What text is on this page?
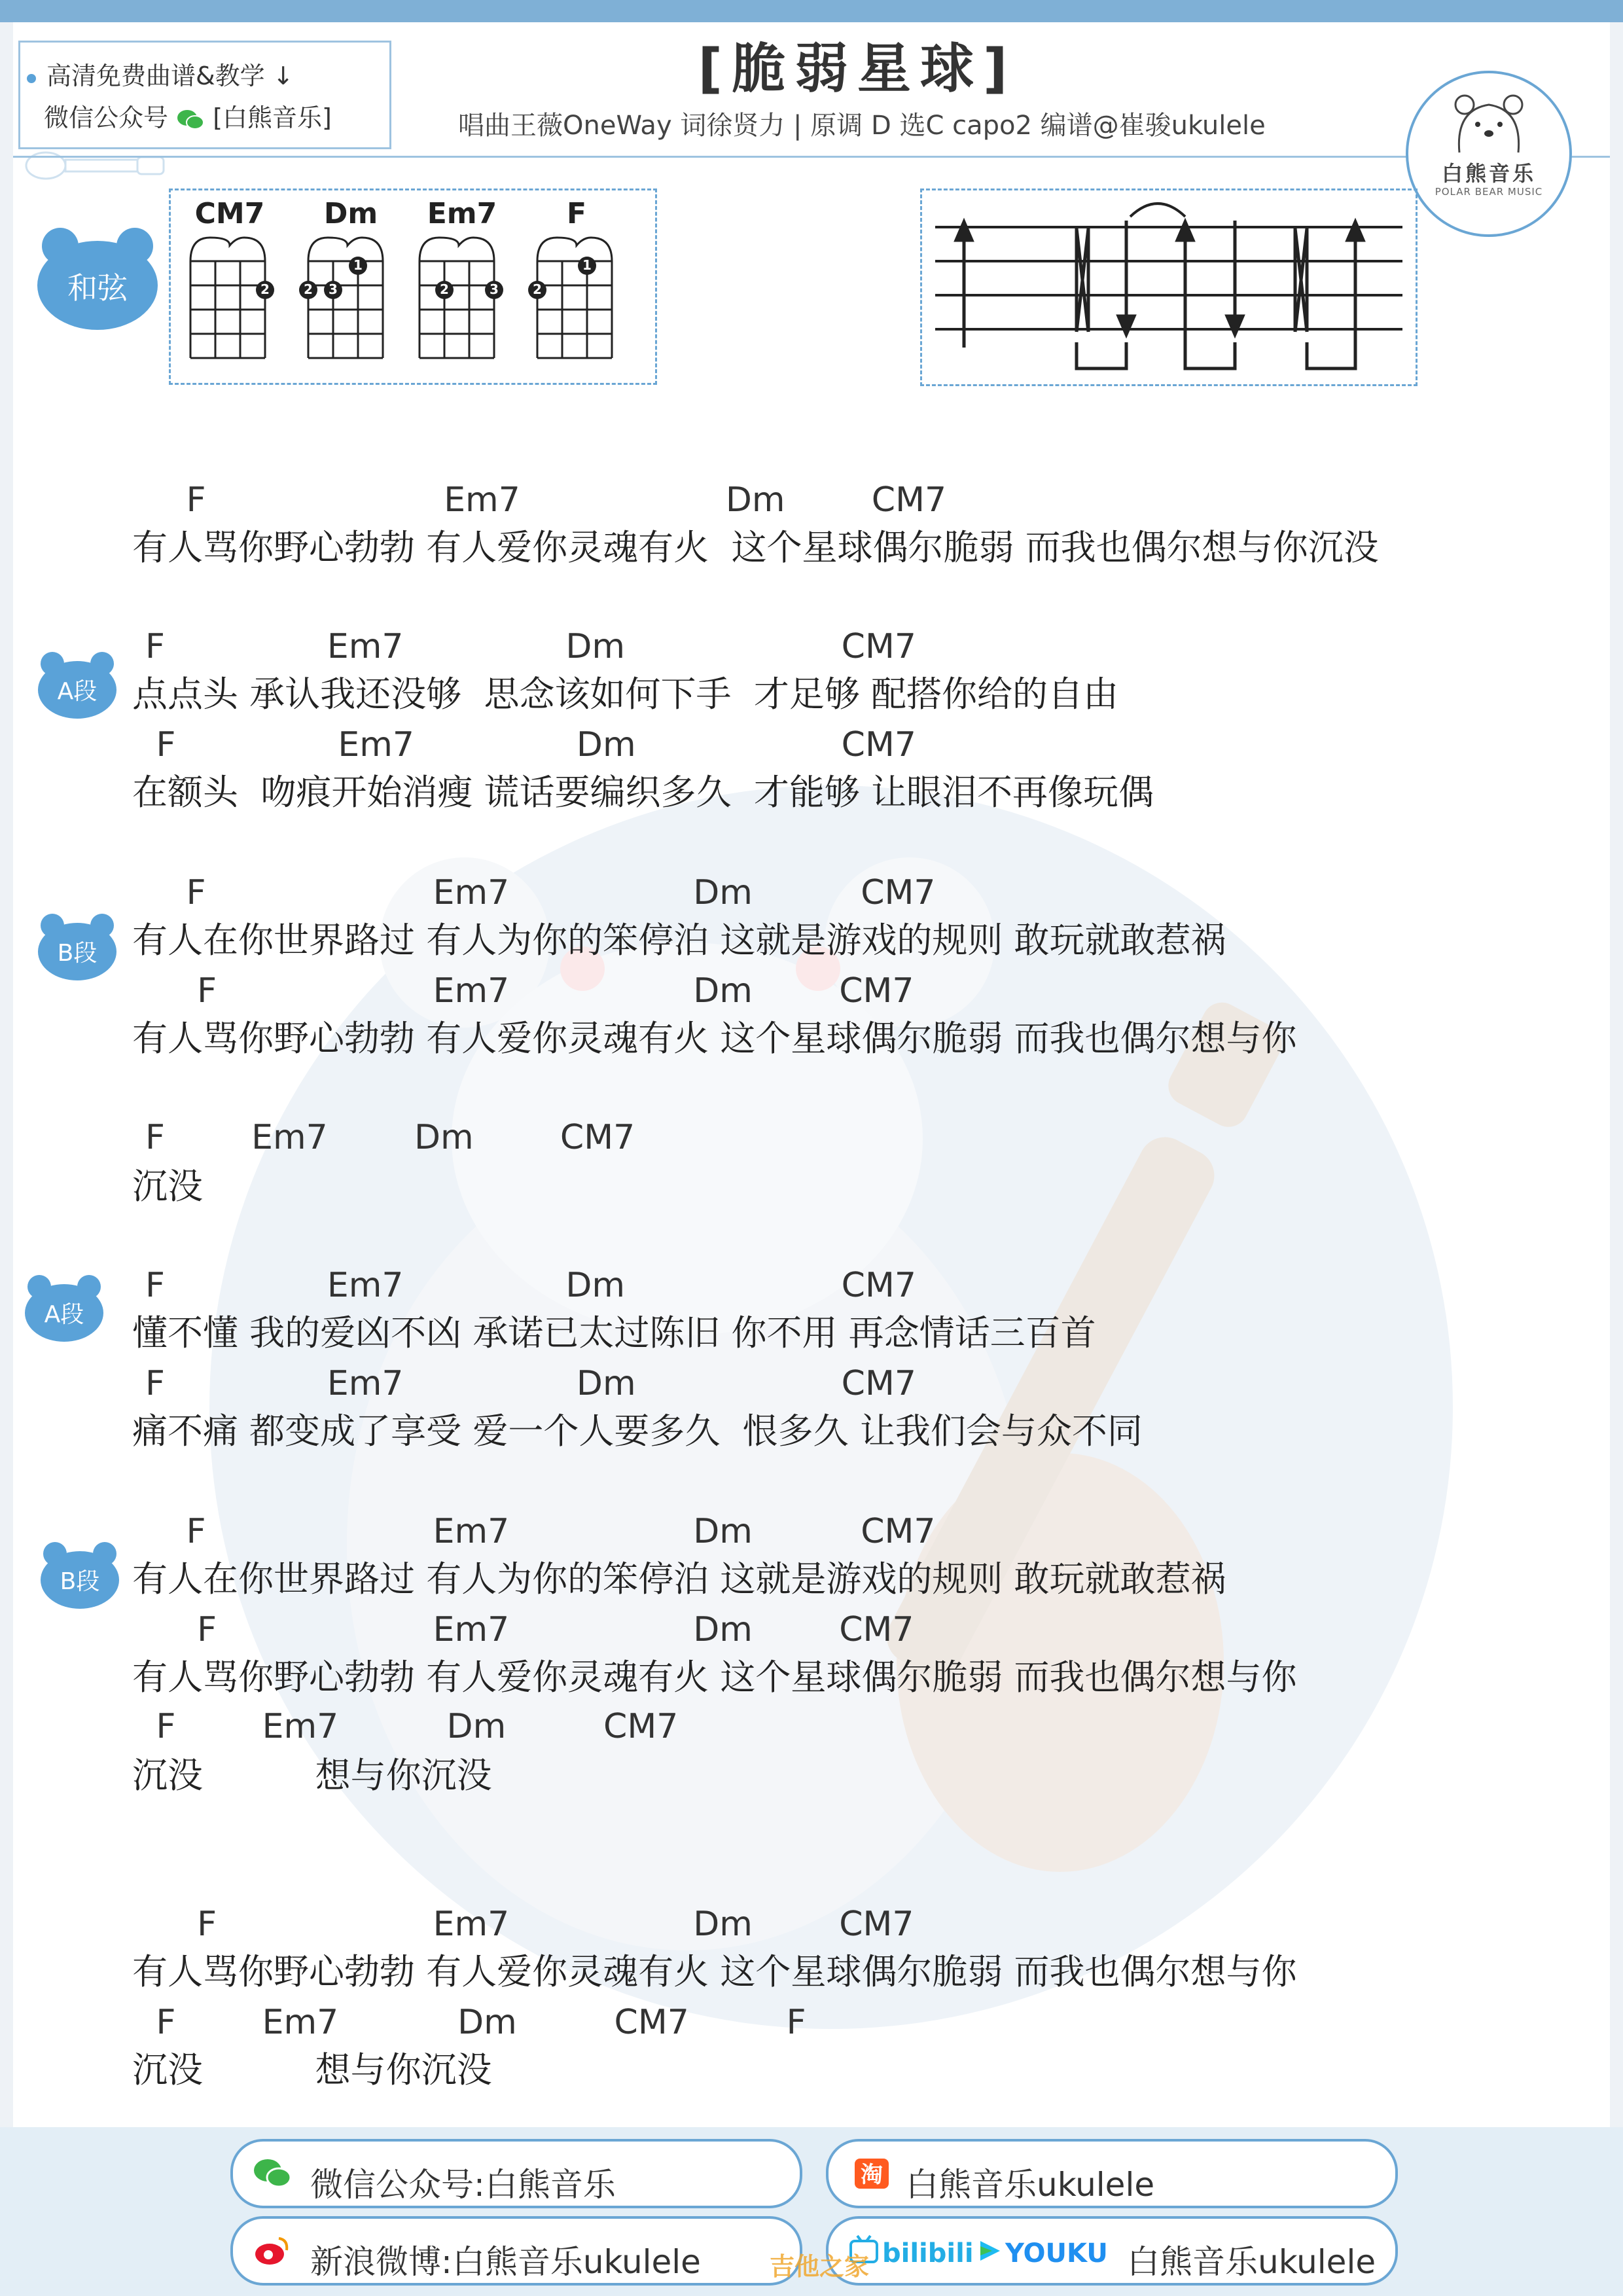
高清免费曲谱&教学 ↓
微信公众号 [白熊音乐]
[脆弱星球]
唱曲王薇OneWay 词徐贤力 | 原调 D 选C capo2 编谱@崔骏ukulele
白熊音乐
POLAR BEAR MUSIC
和弦
CM7	Dm	Em7	F
2
1
2 3	2	3
1
2
A段
B段
A段
B段
F                      Em7                   Dm        CM7
有人骂你野心勃勃 有人爱你灵魂有火  这个星球偶尔脆弱 而我也偶尔想与你沉没
F               Em7               Dm                    CM7
点点头 承认我还没够  思念该如何下手  才足够 配搭你给的自由
F               Em7               Dm                   CM7
在额头  吻痕开始消瘦 谎话要编织多久  才能够 让眼泪不再像玩偶
F                     Em7                 Dm          CM7
有人在你世界路过 有人为你的笨停泊 这就是游戏的规则 敢玩就敢惹祸
F                    Em7                 Dm        CM7
有人骂你野心勃勃 有人爱你灵魂有火 这个星球偶尔脆弱 而我也偶尔想与你
F        Em7        Dm        CM7
沉没
F               Em7               Dm                    CM7
懂不懂 我的爱凶不凶 承诺已太过陈旧 你不用 再念情话三百首
F               Em7                Dm                   CM7
痛不痛 都变成了享受 爱一个人要多久  恨多久 让我们会与众不同
F                     Em7                 Dm          CM7
有人在你世界路过 有人为你的笨停泊 这就是游戏的规则 敢玩就敢惹祸
F                    Em7                 Dm        CM7
有人骂你野心勃勃 有人爱你灵魂有火 这个星球偶尔脆弱 而我也偶尔想与你
F        Em7          Dm         CM7
沉没          想与你沉没
F                    Em7                 Dm        CM7
有人骂你野心勃勃 有人爱你灵魂有火 这个星球偶尔脆弱 而我也偶尔想与你
F        Em7           Dm         CM7         F
沉没          想与你沉没
微信公众号:白熊音乐	淘 白熊音乐ukulele
新浪微博:白熊音乐ukulele	bilibili YOUKU 白熊音乐ukulele
吉他之家
